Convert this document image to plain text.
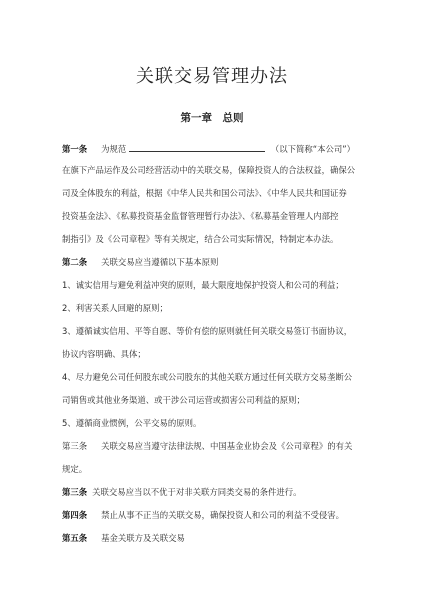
关联交易管理办法
第一章　总则
第一条 为规范	（以下简称“本公司”）
在旗下产品运作及公司经营活动中的关联交易，保障投资人的合法权益，确保公
司及全体股东的利益，根据《中华人民共和国公司法》、《中华人民共和国证券
投资基金法》、《私募投资基金监督管理暂行办法》、《私募基金管理人内部控
制指引》及《公司章程》等有关规定，结合公司实际情况，特制定本办法。
第二条 关联交易应当遵循以下基本原则
1、诚实信用与避免利益冲突的原则，最大限度地保护投资人和公司的利益；
2、利害关系人回避的原则；
3、遵循诚实信用、平等自愿、等价有偿的原则就任何关联交易签订书面协议，
协议内容明确、具体；
4、尽力避免公司任何股东或公司股东的其他关联方通过任何关联方交易垄断公
司销售或其他业务渠道、或干涉公司运营或损害公司利益的原则；
5、遵循商业惯例，公平交易的原则。
第三条 关联交易应当遵守法律法规、中国基金业协会及《公司章程》的有关
规定。
第三条 关联交易应当以不优于对非关联方同类交易的条件进行。
第四条 禁止从事不正当的关联交易，确保投资人和公司的利益不受侵害。
第五条 基金关联方及关联交易
